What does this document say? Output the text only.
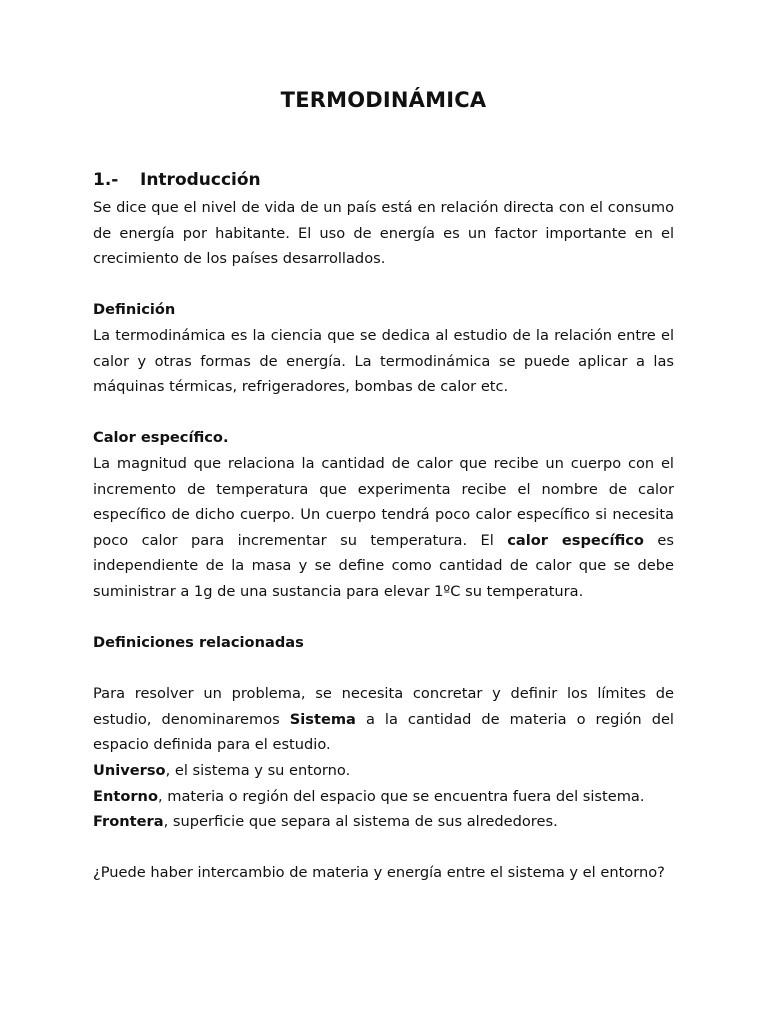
TERMODINÁMICA
1.- Introducción

Se dice que el nivel de vida de un país está en relación directa con el consumo de energía por habitante. El uso de energía es un factor importante en el crecimiento de los países desarrollados.

Definición

La termodinámica es la ciencia que se dedica al estudio de la relación entre el calor y otras formas de energía. La termodinámica se puede aplicar a las máquinas térmicas, refrigeradores, bombas de calor etc.

Calor específico.

La magnitud que relaciona la cantidad de calor que recibe un cuerpo con el incremento de temperatura que experimenta recibe el nombre de calor específico de dicho cuerpo. Un cuerpo tendrá poco calor específico si necesita poco calor para incrementar su temperatura. El calor específico es independiente de la masa y se define como cantidad de calor que se debe suministrar a 1g de una sustancia para elevar 1ºC su temperatura.

Definiciones relacionadas

Para resolver un problema, se necesita concretar y definir los límites de estudio, denominaremos Sistema a la cantidad de materia o región del espacio definida para el estudio.

Universo, el sistema y su entorno.

Entorno, materia o región del espacio que se encuentra fuera del sistema.

Frontera, superficie que separa al sistema de sus alrededores.

¿Puede haber intercambio de materia y energía entre el sistema y el entorno?
